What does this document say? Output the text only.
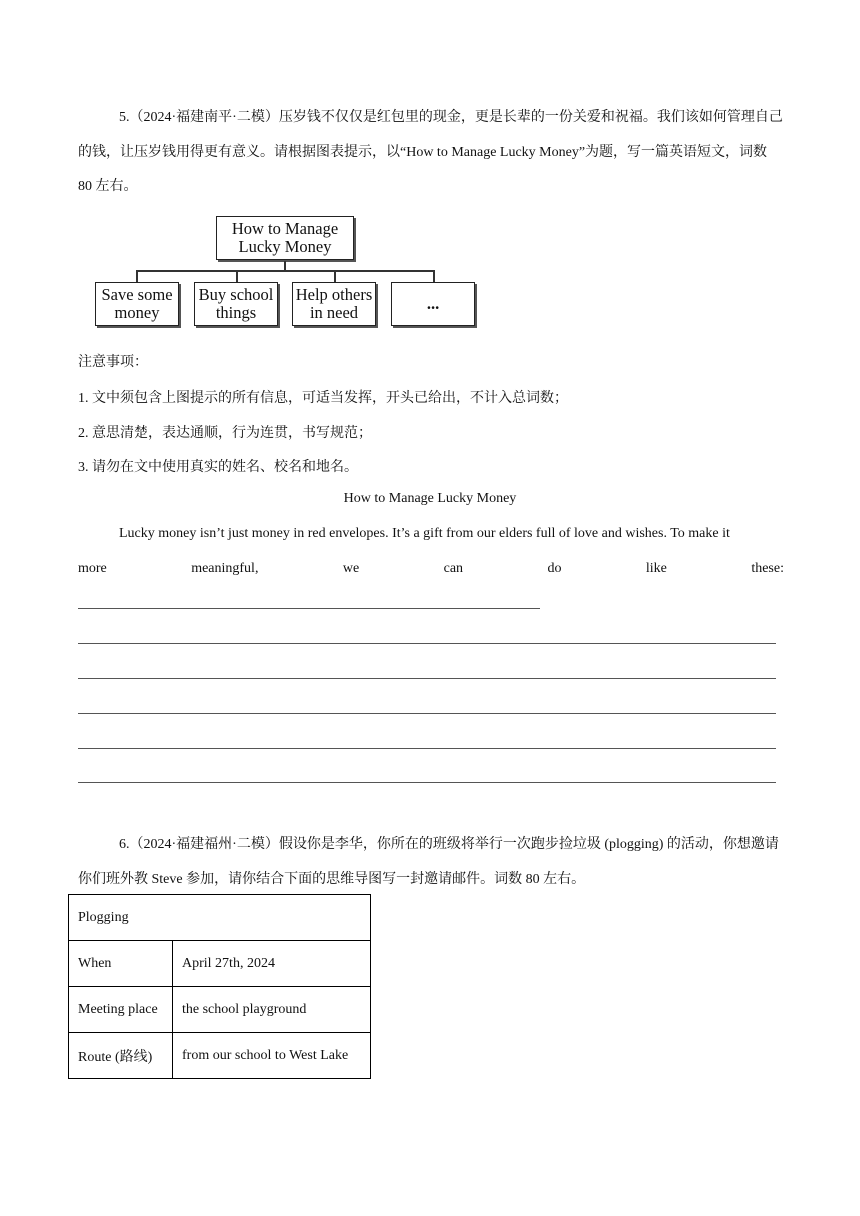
5.（2024·福建南平·二模）压岁钱不仅仅是红包里的现金，更是长辈的一份关爱和祝福。我们该如何管理自己的钱，让压岁钱用得更有意义。请根据图表提示，以“How to Manage Lucky Money”为题，写一篇英语短文，词数 80 左右。
How to Manage Lucky Money
Save some money
Buy school things
Help others in need	...
注意事项：
1. 文中须包含上图提示的所有信息，可适当发挥，开头已给出，不计入总词数；
2. 意思清楚，表达通顺，行为连贯，书写规范；
3. 请勿在文中使用真实的姓名、校名和地名。
How to Manage Lucky Money
Lucky money isn’t just money in red envelopes. It’s a gift from our elders full of love and wishes. To make it
more	meaningful,	we	can	do	like	these:
6.（2024·福建福州·二模）假设你是李华，你所在的班级将举行一次跑步捡垃圾 (plogging) 的活动，你想邀请你们班外教 Steve 参加，请你结合下面的思维导图写一封邀请邮件。词数 80 左右。
Plogging	
When	April 27th, 2024
Meeting place	the school playground
Route (路线)	from our school to West Lake
